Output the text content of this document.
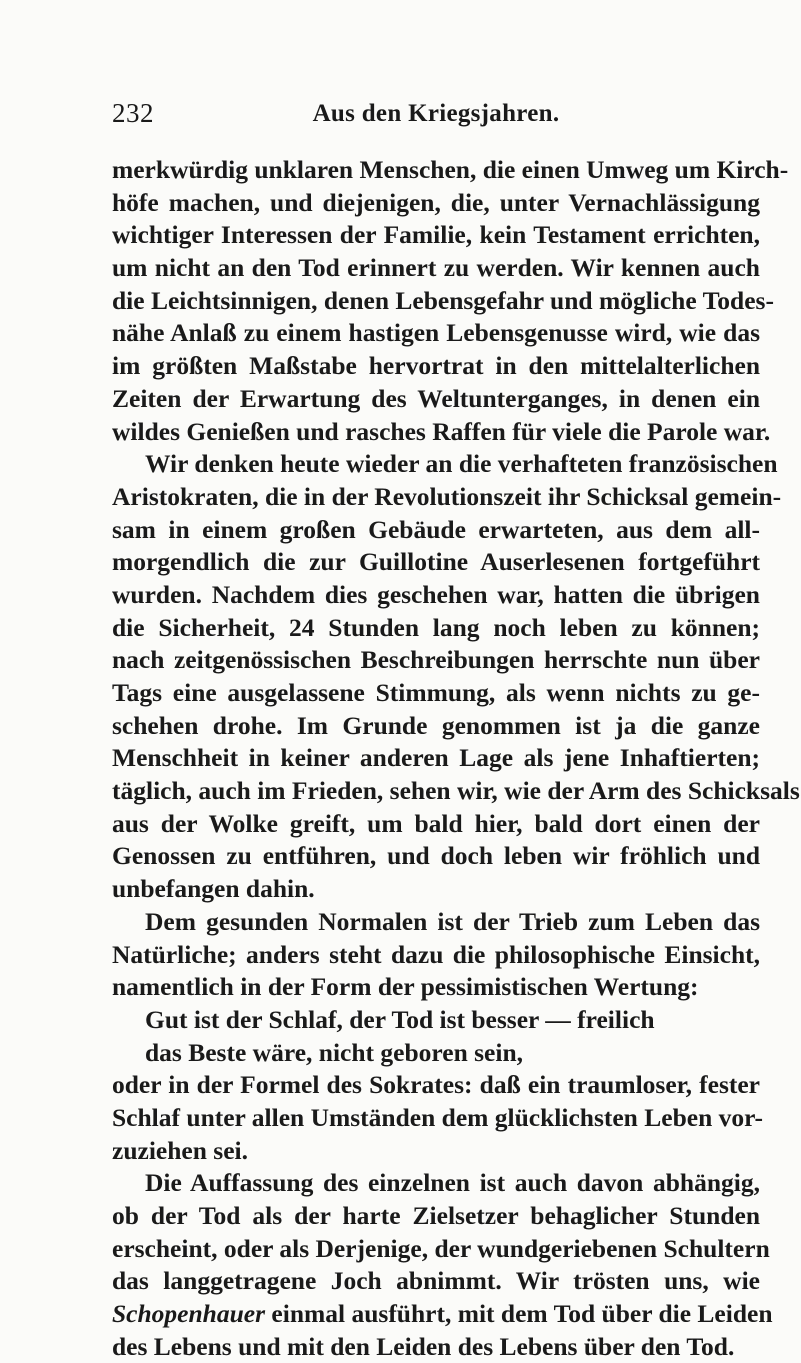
232	Aus den Kriegsjahren.
merkwürdig unklaren Menschen, die einen Umweg um Kirch-
höfe machen, und diejenigen, die, unter Vernachlässigung
wichtiger Interessen der Familie, kein Testament errichten,
um nicht an den Tod erinnert zu werden. Wir kennen auch
die Leichtsinnigen, denen Lebensgefahr und mögliche Todes-
nähe Anlaß zu einem hastigen Lebensgenusse wird, wie das
im größten Maßstabe hervortrat in den mittelalterlichen
Zeiten der Erwartung des Weltunterganges, in denen ein
wildes Genießen und rasches Raffen für viele die Parole war.
Wir denken heute wieder an die verhafteten französischen
Aristokraten, die in der Revolutionszeit ihr Schicksal gemein-
sam in einem großen Gebäude erwarteten, aus dem all-
morgendlich die zur Guillotine Auserlesenen fortgeführt
wurden. Nachdem dies geschehen war, hatten die übrigen
die Sicherheit, 24 Stunden lang noch leben zu können;
nach zeitgenössischen Beschreibungen herrschte nun über
Tags eine ausgelassene Stimmung, als wenn nichts zu ge-
schehen drohe. Im Grunde genommen ist ja die ganze
Menschheit in keiner anderen Lage als jene Inhaftierten;
täglich, auch im Frieden, sehen wir, wie der Arm des Schicksals
aus der Wolke greift, um bald hier, bald dort einen der
Genossen zu entführen, und doch leben wir fröhlich und
unbefangen dahin.
Dem gesunden Normalen ist der Trieb zum Leben das
Natürliche; anders steht dazu die philosophische Einsicht,
namentlich in der Form der pessimistischen Wertung:
Gut ist der Schlaf, der Tod ist besser — freilich
das Beste wäre, nicht geboren sein,
oder in der Formel des Sokrates: daß ein traumloser, fester
Schlaf unter allen Umständen dem glücklichsten Leben vor-
zuziehen sei.
Die Auffassung des einzelnen ist auch davon abhängig,
ob der Tod als der harte Zielsetzer behaglicher Stunden
erscheint, oder als Derjenige, der wundgeriebenen Schultern
das langgetragene Joch abnimmt. Wir trösten uns, wie
Schopenhauer einmal ausführt, mit dem Tod über die Leiden
des Lebens und mit den Leiden des Lebens über den Tod.
